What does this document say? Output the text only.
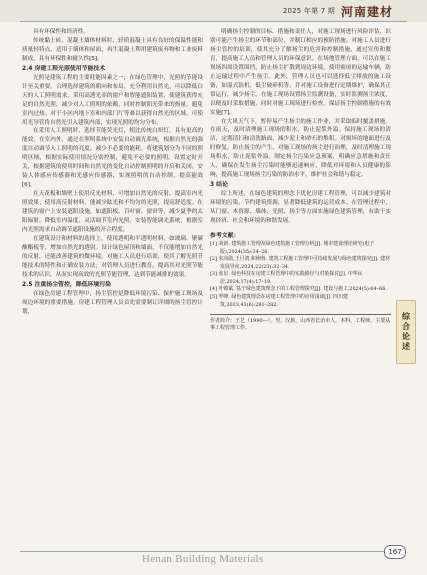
2025 年第 7 期 河南建材

具有环保性和经济性。

传统黏土砖、混凝土墙体材料时，轻质混凝土具有良好的保温性能和质量轻特点，适用于墙体和屋面，再生混凝土利用建筑废弃物和工业废料制成，具有环保性和耐久性[5]。

2.4 房建工程光照使用节能技术

光照是建筑工程的主要耗能因素之一，在绿色管理中，光照的节能设计至关重要。合理选择建筑的朝向和布局，充分利用自然光，可以降低白天的人工照明需求。采用高透光率的窗户和智能遮阳装置，使建筑获得充足的自然光照，减少对人工照明的依赖，同时控制阳光带来的热量，避免室内过热。对于小区内地下室和内部门厅等难以获得自然光的区域，可使用光导管将自然光引入建筑内部，实现光照的均匀分布。

在采用人工照明时，选择节能荧光灯，相比传统白炽灯，具有更高的能效。在室内外，通过在照明系统中安装自动调光系统，根据自然光的强度自动调节人工照明的亮度，减少不必要的能耗。将建筑划分为不同的照明区域，根据实际使用情况分别控制，避免不必要的照明。设置定时开关，根据建筑的使用时间和自然光的变化自动控制照明的开启和关闭。安装人体感应传感器和光感应传感器，实现照明的自动控制，提高能效[6]。

在天花板和墙壁上使用反光材料，可增加自然光的反射，提高室内光照效果；使用高反射材料，能减少眩光和不均匀的光照，提高舒适度。在建筑的窗户上安装遮阳设施，如遮阳板、百叶窗、窗帘等，减少夏季的太阳辐射，降低室内温度，灵活调节室内光照。安装智能调光系统，根据室内光照需求自动调节遮阳设施的开合程度。

在建筑设计和材料的选择上，使用透明和半透明材料，如玻璃、聚碳酸酯板等，增加自然光的透射。设计绿色屋顶和墙面，不仅能增加自然光的反射，还能改善建筑的微环境。对施工人员进行培训，使其了解光照节能技术的特性和正确安装方法；对管理人员进行教育，提高其对光照节能技术的认识，从而实现高效的光照节能管理，达到节能减排的效果。

2.5 注重扬尘管控，降低环境污染

在绿色房建工程管理中，扬尘管控是降低环境污染、保护施工现场及周边环境的重要措施。房建工程管理人员首先需要制订详细的扬尘管控计划，

明确扬尘控制的目标、措施和责任人，对施工现场进行风险评估，识别可能产生扬尘的环节和部位，并制订相应的预防措施。对施工人员进行扬尘管控的培训，使其充分了解扬尘的危害和控制措施，通过宣传和教育，提高施工人员和管理人员的环保意识。在场地管理方面，可以在施工现场四周设置围挡，防止扬尘扩散到周边环境，使用密闭的运输车辆，防止运输过程中产生扬尘。此外，管理人员也可以选择低尘排放的施工设备，如湿式钻机、低尘破碎机等，并对施工设备进行定期维护，确保其正常运行，减少扬尘。在施工现场设置扬尘监测设备，实时监测扬尘浓度，以便及时采取措施，同时对施工现场进行检查，保证扬尘控制措施的有效实施[7]。

在大风天气下，暂停易产生扬尘的施工作业，并采取临时覆盖措施。在雨天，及时清理施工现场的积水，防止泥浆外溢。保持施工现场的清洁，定期清扫和清洗路面，减少泥土和砂石的堆积。对损坏的地面进行及时修复，防止扬尘的产生。对施工现场的扬尘进行治理，及时清理施工现场积水，防止泥浆外溢。制定扬尘污染应急预案，明确应急措施和责任人，确保在发生扬尘污染时能够迅速响应，降低对环境和人员健康的影响，提高施工现场扬尘污染的防治水平，维护社会和谐与稳定。

3 结论

综上所述，在绿色建筑的理念下优化房建工程管理，可以减少建筑对环境的污染，节约建筑资源，显著降低建筑的运营成本。在管理过程中，从门窗、木资源、墙体、光照、扬尘等方面实施绿色建筑管理，有助于实现经济、社会和环境的和谐发展。

参考文献：

[1] 刘新. 建筑施工管理及绿色建筑施工管理分析[J]. 城市建设理论研究(电子版),2024(35):24–26.

[2] 朱向勋,王旦鸿,和俐蓉. 建筑工程施工管理中可持续发展与绿色建筑探究[J]. 建材发展导向,2024,22(23):32–34.

[3] 张星. 绿色科技在房建工程管理中的实践路径与对策探讨[J]. 中华民居,2024,17(4):17–19.

[4] 叶锦斌. 基于绿色建筑理念下的工程管理探究[J]. 建设与施工,2024(5):64–66.

[5] 罗峰. 绿色建筑理念在房建工程管理中的应用浅谈[J]. 四川建筑,2023,43(6):281–282.

作者简介：王艺（1990—），男，汉族，山西省长治市人，本科，工程师，主要从事工程管理工作。	综合论述
Henan Building Materials
167
